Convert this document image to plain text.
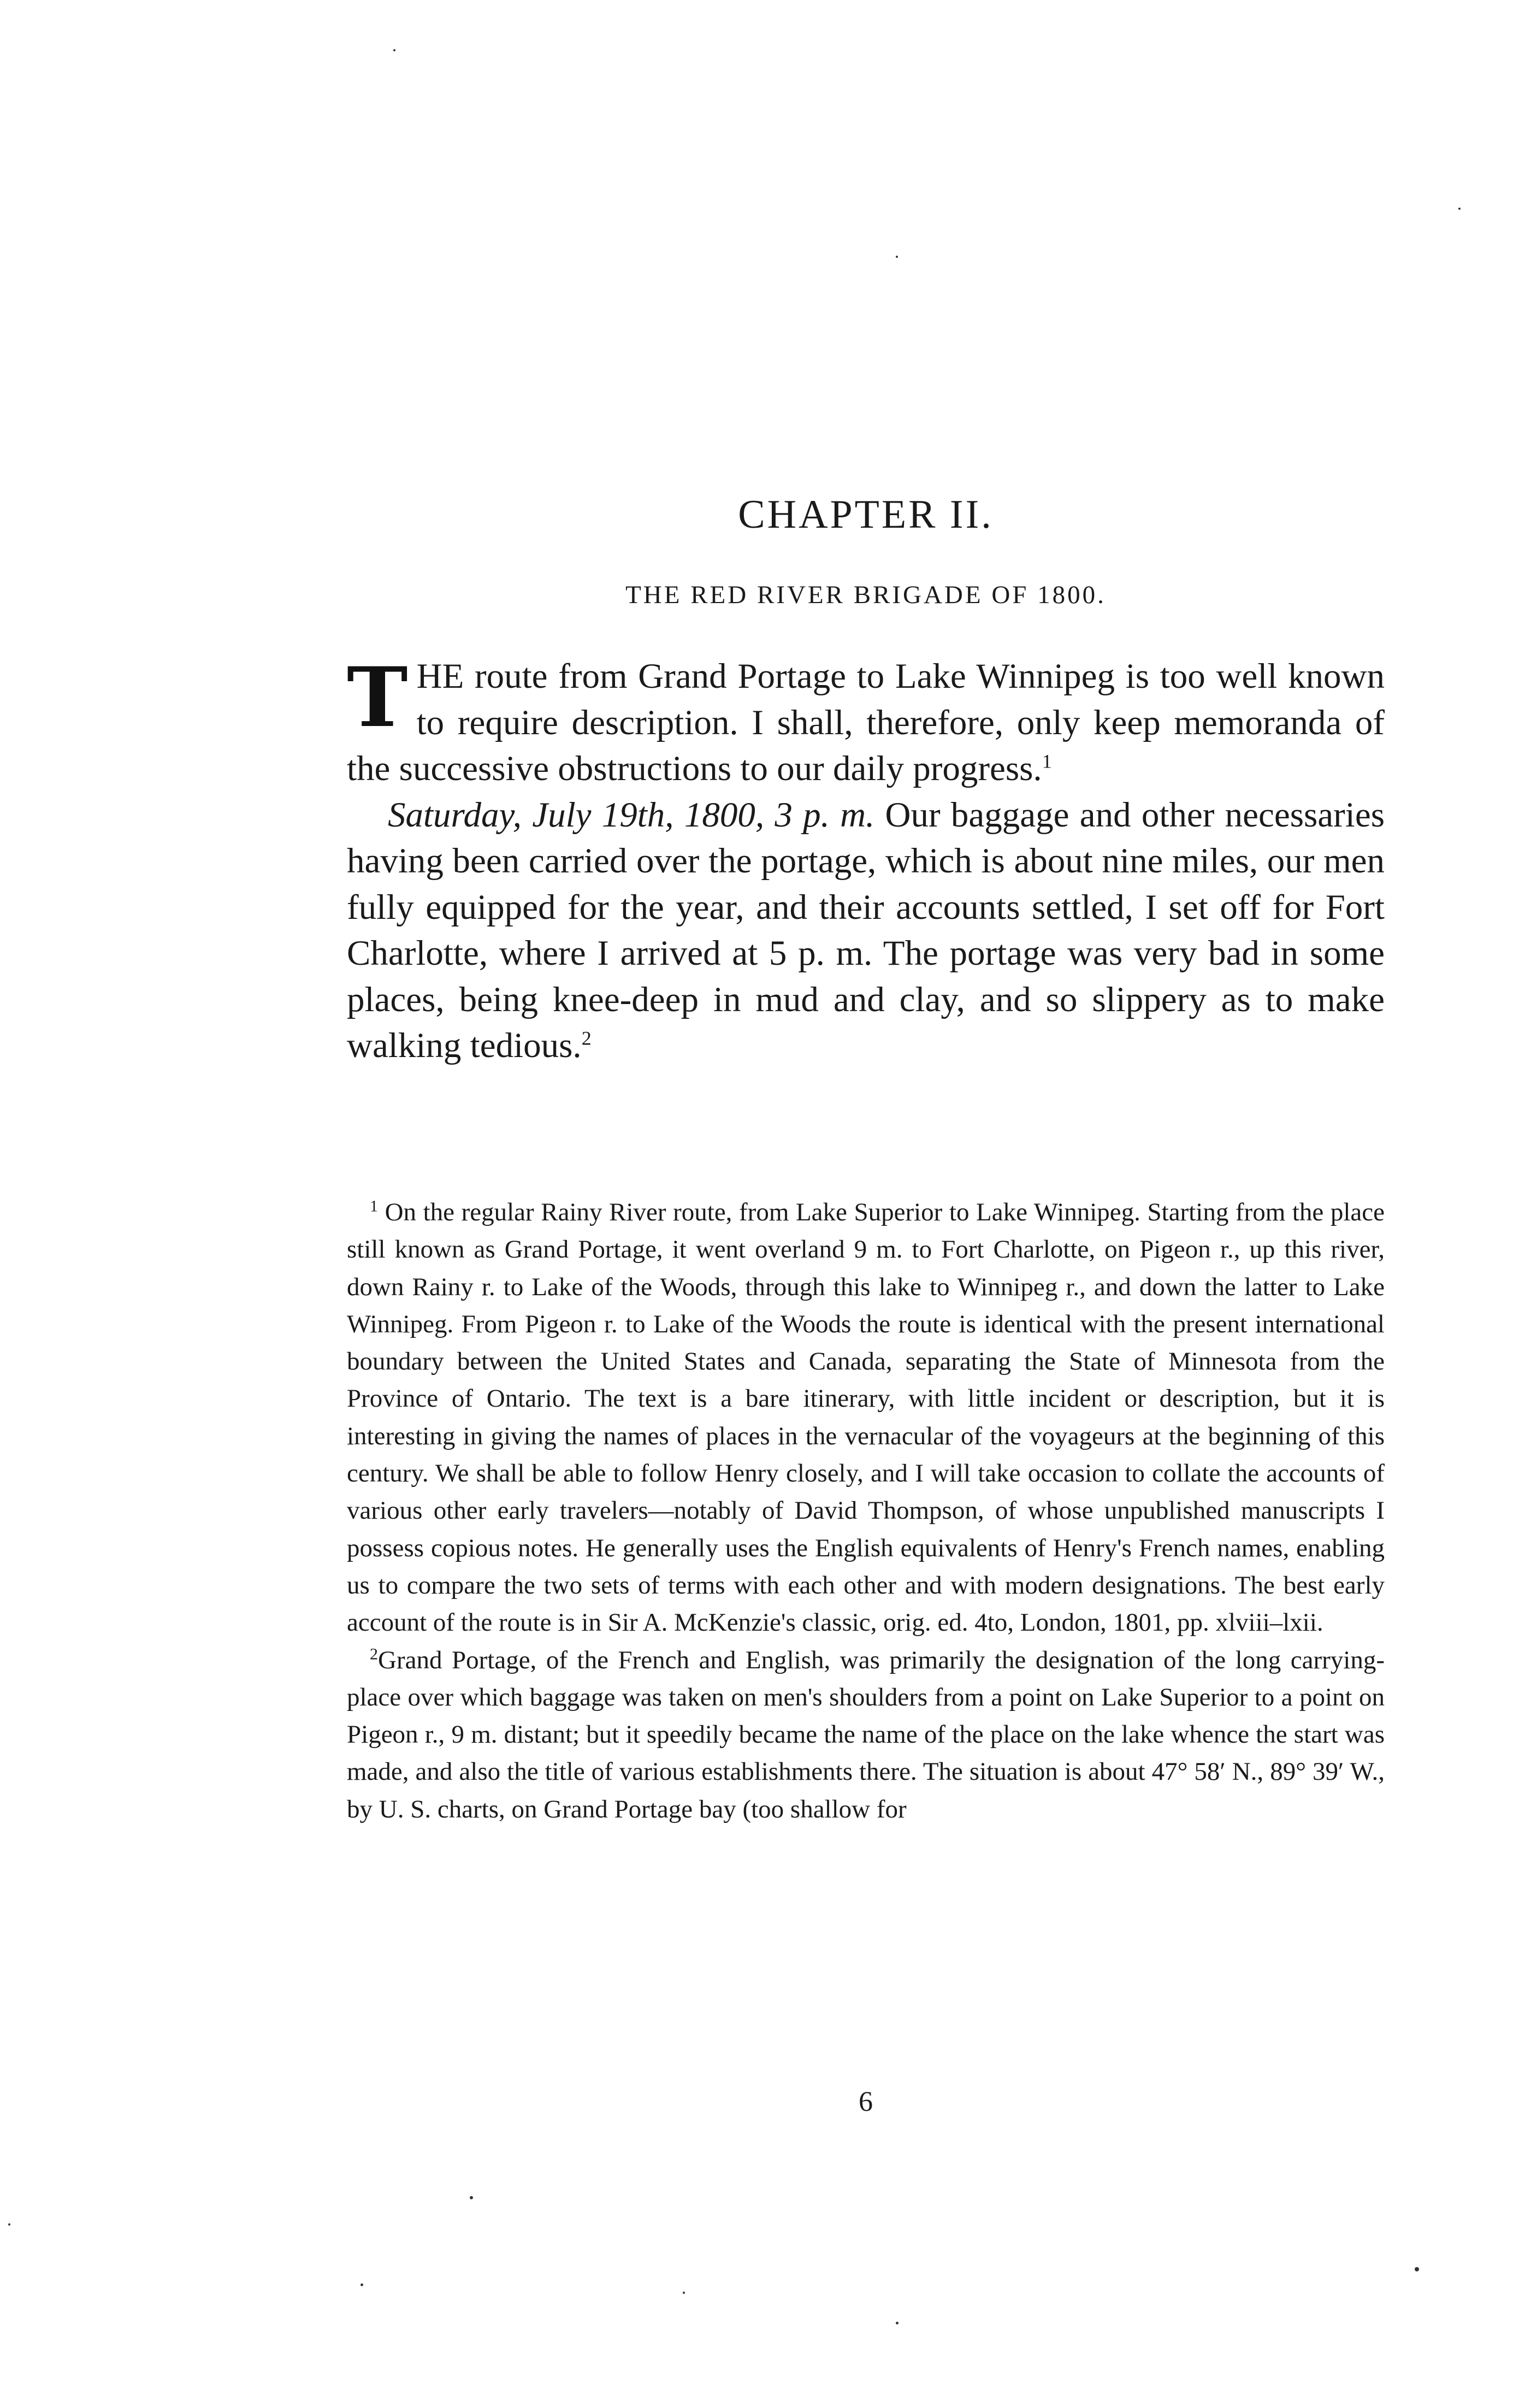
CHAPTER II.
THE RED RIVER BRIGADE OF 1800.

THE route from Grand Portage to Lake Winnipeg is too well known to require description. I shall, therefore, only keep memoranda of the successive obstructions to our daily progress.$^1$

Saturday, July 19th, 1800, 3 p. m. Our baggage and other necessaries having been carried over the portage, which is about nine miles, our men fully equipped for the year, and their accounts settled, I set off for Fort Charlotte, where I arrived at 5 p. m. The portage was very bad in some places, being knee-deep in mud and clay, and so slippery as to make walking tedious.$^2$

$^1$ On the regular Rainy River route, from Lake Superior to Lake Winnipeg. Starting from the place still known as Grand Portage, it went overland 9 m. to Fort Charlotte, on Pigeon r., up this river, down Rainy r. to Lake of the Woods, through this lake to Winnipeg r., and down the latter to Lake Winnipeg. From Pigeon r. to Lake of the Woods the route is identical with the present international boundary between the United States and Canada, separating the State of Minnesota from the Province of Ontario. The text is a bare itinerary, with little incident or description, but it is interesting in giving the names of places in the vernacular of the voyageurs at the beginning of this century. We shall be able to follow Henry closely, and I will take occasion to collate the accounts of various other early travelers—notably of David Thompson, of whose unpublished manuscripts I possess copious notes. He generally uses the English equivalents of Henry's French names, enabling us to compare the two sets of terms with each other and with modern designations. The best early account of the route is in Sir A. McKenzie's classic, orig. ed. 4to, London, 1801, pp. xlviii–lxii.

$^2$Grand Portage, of the French and English, was primarily the designation of the long carrying-place over which baggage was taken on men's shoulders from a point on Lake Superior to a point on Pigeon r., 9 m. distant; but it speedily became the name of the place on the lake whence the start was made, and also the title of various establishments there. The situation is about 47° 58′ N., 89° 39′ W., by U. S. charts, on Grand Portage bay (too shallow for

6
